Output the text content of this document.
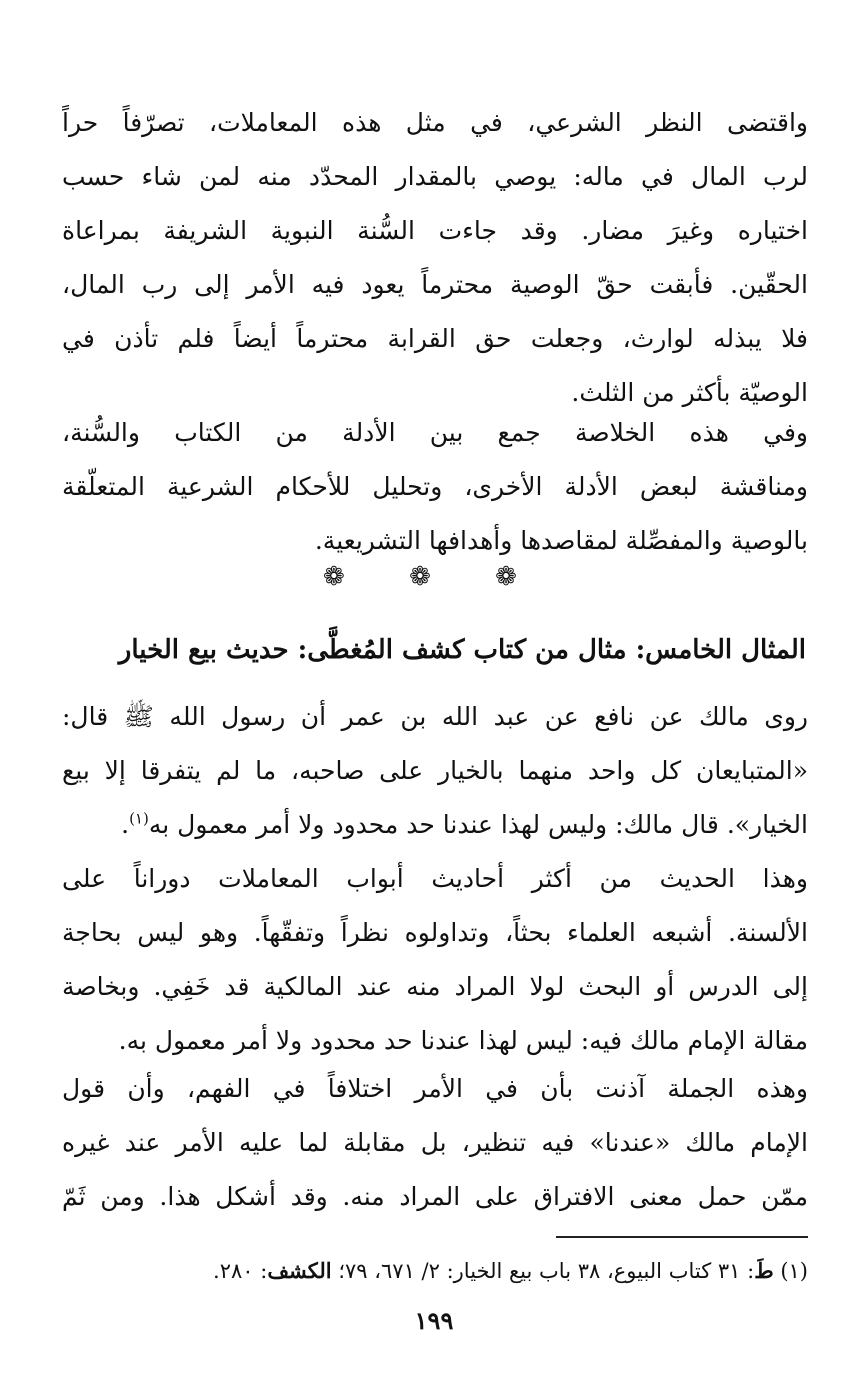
واقتضى النظر الشرعي، في مثل هذه المعاملات، تصرّفاً حراً
لرب المال في ماله: يوصي بالمقدار المحدّد منه لمن شاء حسب
اختياره وغيرَ مضار. وقد جاءت السُّنة النبوية الشريفة بمراعاة
الحقّين. فأبقت حقّ الوصية محترماً يعود فيه الأمر إلى رب المال،
فلا يبذله لوارث، وجعلت حق القرابة محترماً أيضاً فلم تأذن في
الوصيّة بأكثر من الثلث.
وفي هذه الخلاصة جمع بين الأدلة من الكتاب والسُّنة،
ومناقشة لبعض الأدلة الأخرى، وتحليل للأحكام الشرعية المتعلّقة
بالوصية والمفصِّلة لمقاصدها وأهدافها التشريعية.
❁ ❁ ❁
المثال الخامس: مثال من كتاب كشف المُغطَّى: حديث بيع الخيار
روى مالك عن نافع عن عبد الله بن عمر أن رسول الله ﷺ قال:
«المتبايعان كل واحد منهما بالخيار على صاحبه، ما لم يتفرقا إلا بيع
الخيار». قال مالك: وليس لهذا عندنا حد محدود ولا أمر معمول به$^{(١)}$.
وهذا الحديث من أكثر أحاديث أبواب المعاملات دوراناً على
الألسنة. أشبعه العلماء بحثاً، وتداولوه نظراً وتفقّهاً. وهو ليس بحاجة
إلى الدرس أو البحث لولا المراد منه عند المالكية قد خَفِي. وبخاصة
مقالة الإمام مالك فيه: ليس لهذا عندنا حد محدود ولا أمر معمول به.
وهذه الجملة آذنت بأن في الأمر اختلافاً في الفهم، وأن قول
الإمام مالك «عندنا» فيه تنظير، بل مقابلة لما عليه الأمر عند غيره
ممّن حمل معنى الافتراق على المراد منه. وقد أشكل هذا. ومن ثَمّ
(١) طَ: ٣١ كتاب البيوع، ٣٨ باب بيع الخيار: ٢/ ٦٧١، ٧٩؛ الكشف: ٢٨٠.
١٩٩
